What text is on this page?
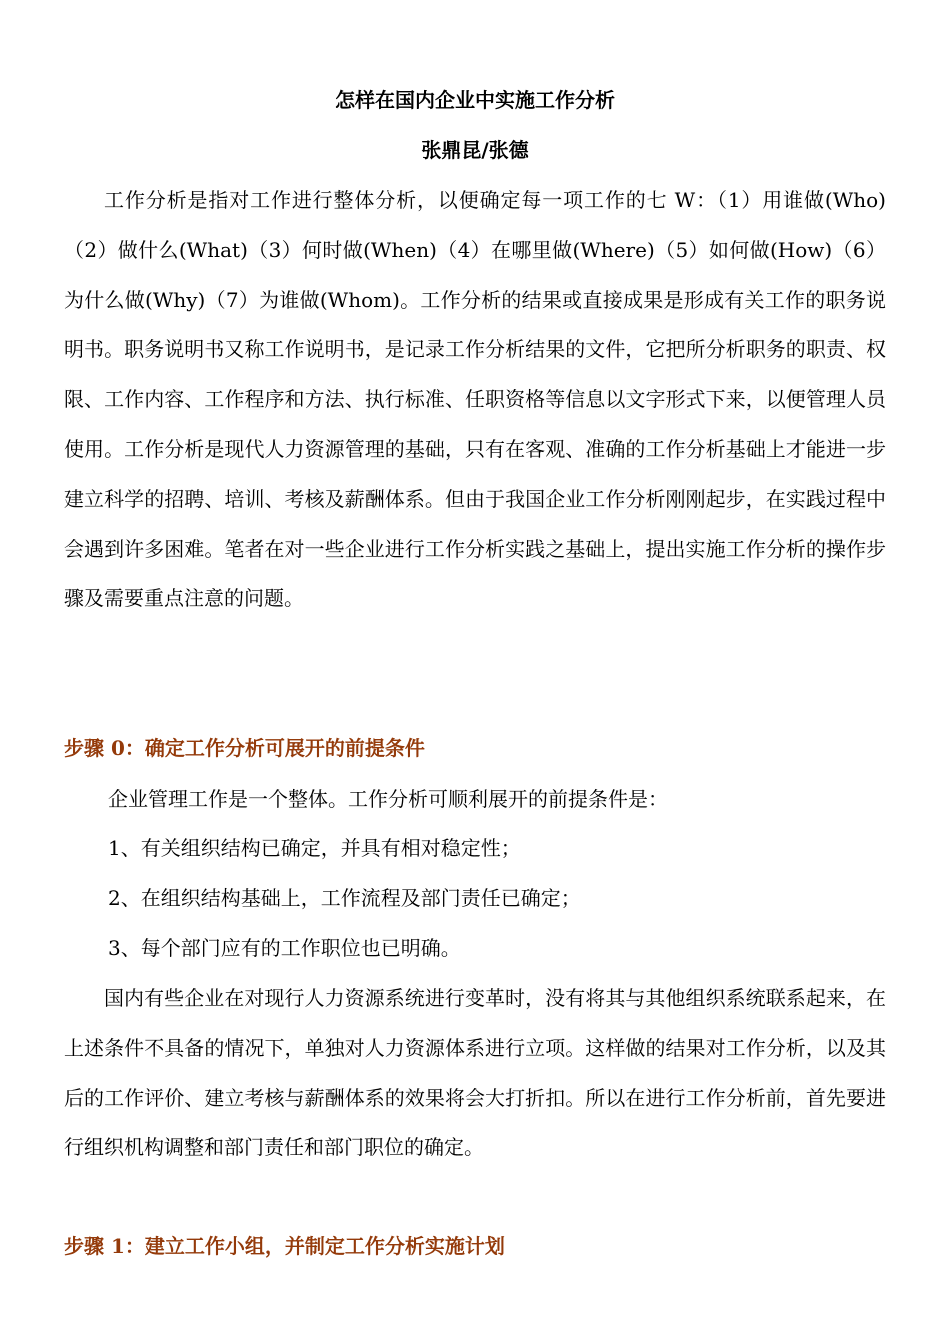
怎样在国内企业中实施工作分析
张鼎昆/张德
工作分析是指对工作进行整体分析，以便确定每一项工作的七 W：（1）用谁做(Who)（2）做什么(What)（3）何时做(When)（4）在哪里做(Where)（5）如何做(How)（6）为什么做(Why)（7）为谁做(Whom)。工作分析的结果或直接成果是形成有关工作的职务说明书。职务说明书又称工作说明书，是记录工作分析结果的文件，它把所分析职务的职责、权限、工作内容、工作程序和方法、执行标准、任职资格等信息以文字形式下来，以便管理人员使用。工作分析是现代人力资源管理的基础，只有在客观、准确的工作分析基础上才能进一步建立科学的招聘、培训、考核及薪酬体系。但由于我国企业工作分析刚刚起步，在实践过程中会遇到许多困难。笔者在对一些企业进行工作分析实践之基础上，提出实施工作分析的操作步骤及需要重点注意的问题。
步骤 0：确定工作分析可展开的前提条件
企业管理工作是一个整体。工作分析可顺利展开的前提条件是：
1、有关组织结构已确定，并具有相对稳定性；
2、在组织结构基础上，工作流程及部门责任已确定；
3、每个部门应有的工作职位也已明确。
国内有些企业在对现行人力资源系统进行变革时，没有将其与其他组织系统联系起来，在上述条件不具备的情况下，单独对人力资源体系进行立项。这样做的结果对工作分析，以及其后的工作评价、建立考核与薪酬体系的效果将会大打折扣。所以在进行工作分析前，首先要进行组织机构调整和部门责任和部门职位的确定。
步骤 1：建立工作小组，并制定工作分析实施计划
